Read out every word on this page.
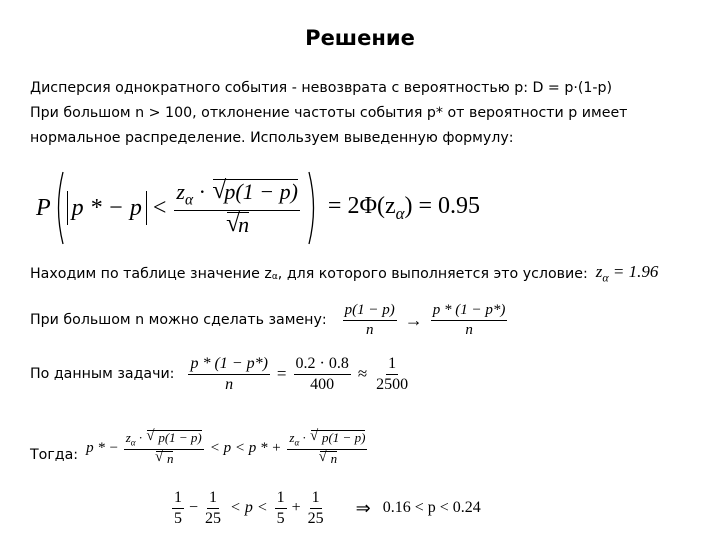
Решение
Дисперсия однократного события - невозврата с вероятностью p: D = p·(1-p)
При большом n > 100, отклонение частоты события p* от вероятности p имеет
нормальное распределение. Используем выведенную формулу:
P p * − $p < z_\alpha$ · √ p(1 − p)
√ $n = 2\Phi(z_\alpha) = 0.95$
Находим по таблице значение $z_\alpha$ , для которого выполняется это условие: $z_\alpha = 1.96$
При большом n можно сделать замену: $\frac{p(1 - p)}{n} \to \frac{p * (1 - p*)}{n}$
По данным задачи: $\frac{p * (1 - p*)}{n} = \frac{0.2 \cdot 0.8}{400} \approx \frac{1}{2500}$
Тогда: p * − $z_\alpha$ · √ p(1 − p)
√ n < p < p * + $z_\alpha$ · √ p(1 − p)
√ n
$\frac{1}{5} - \frac{1}{25} < p < \frac{1}{5} + \frac{1}{25}$ ⇒ 0.16 < p < 0.24
